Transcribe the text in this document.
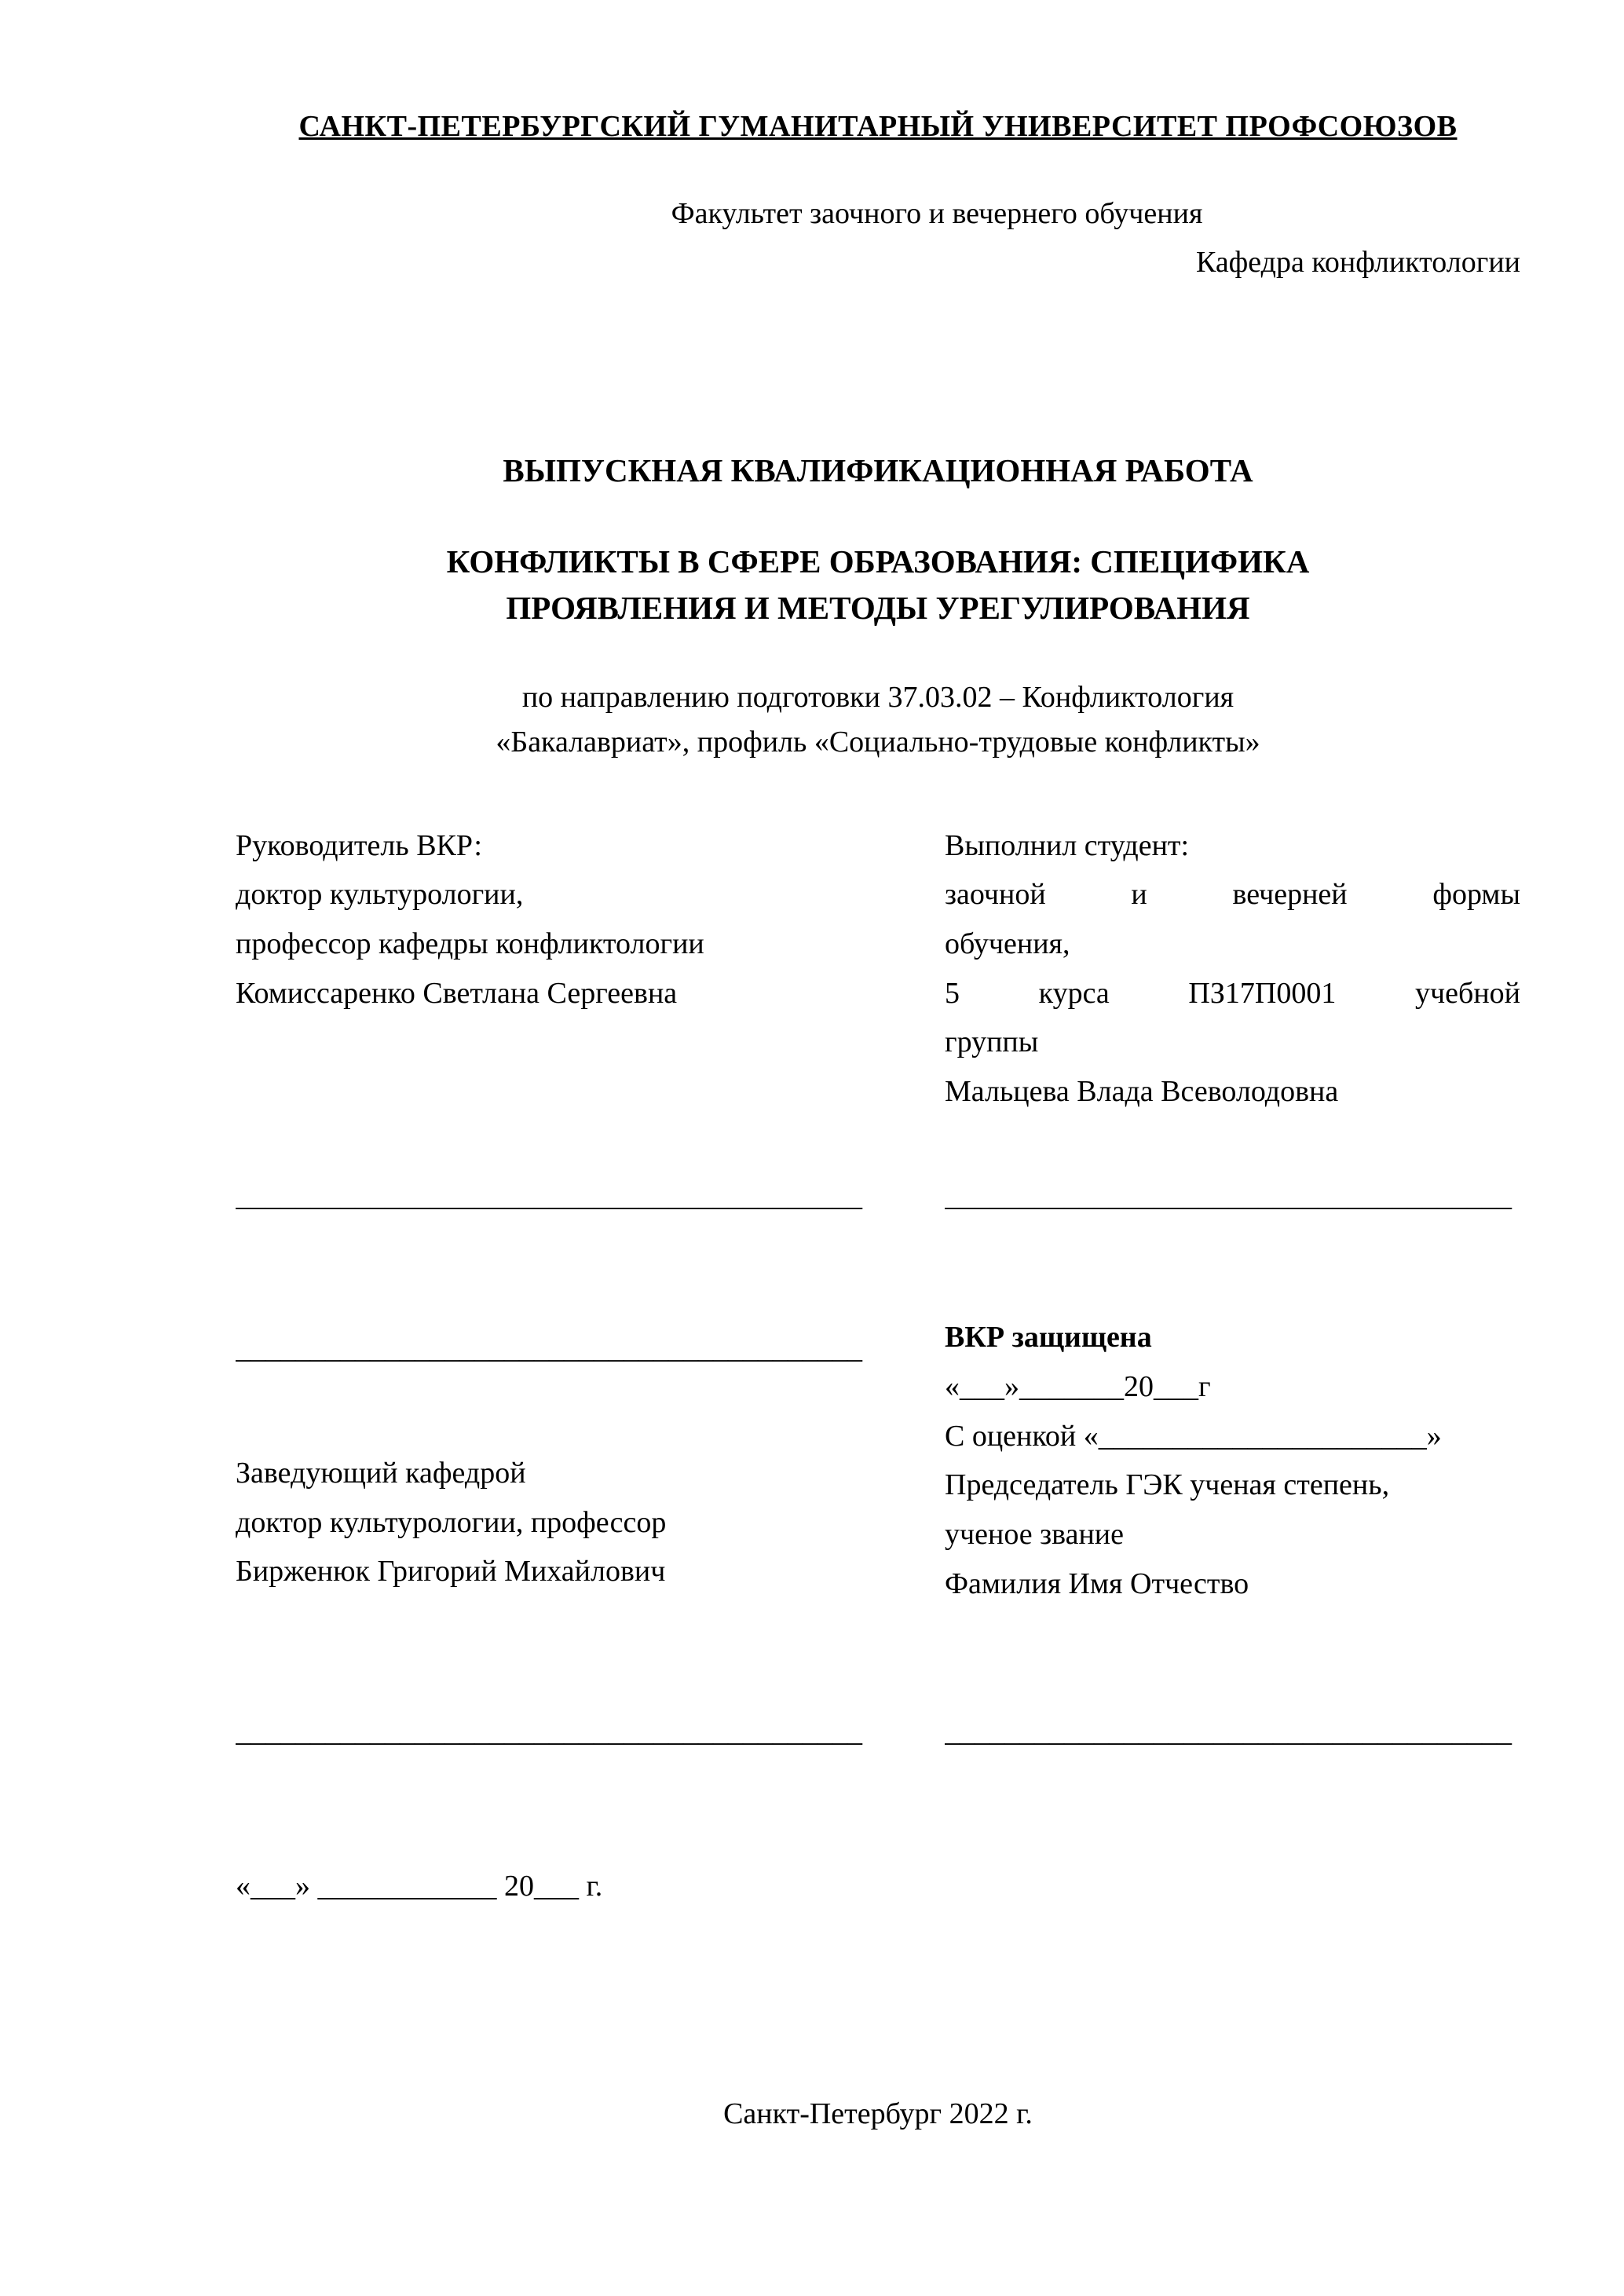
САНКТ-ПЕТЕРБУРГСКИЙ ГУМАНИТАРНЫЙ УНИВЕРСИТЕТ ПРОФСОЮЗОВ
Факультет заочного и вечернего обучения
Кафедра конфликтологии
ВЫПУСКНАЯ КВАЛИФИКАЦИОННАЯ РАБОТА
КОНФЛИКТЫ В СФЕРЕ ОБРАЗОВАНИЯ: СПЕЦИФИКА
ПРОЯВЛЕНИЯ И МЕТОДЫ УРЕГУЛИРОВАНИЯ
по направлению подготовки 37.03.02 – Конфликтология
«Бакалавриат», профиль «Социально-трудовые конфликты»
Руководитель ВКР:
доктор культурологии,
профессор кафедры конфликтологии
Комиссаренко Светлана Сергеевна
Выполнил студент:
заочной и вечерней формы
обучения,
5 курса ПЗ17П0001 учебной
группы
Мальцева Влада Всеволодовна
__________________________________________	______________________________________
__________________________________________
Заведующий кафедрой
доктор культурологии, профессор
Бирженюк Григорий Михайлович
ВКР защищена
«___»_______20___г
С оценкой «______________________»
Председатель ГЭК ученая степень,
ученое звание
Фамилия Имя Отчество
__________________________________________	______________________________________
«___» ____________ 20___ г.
Санкт-Петербург 2022 г.
